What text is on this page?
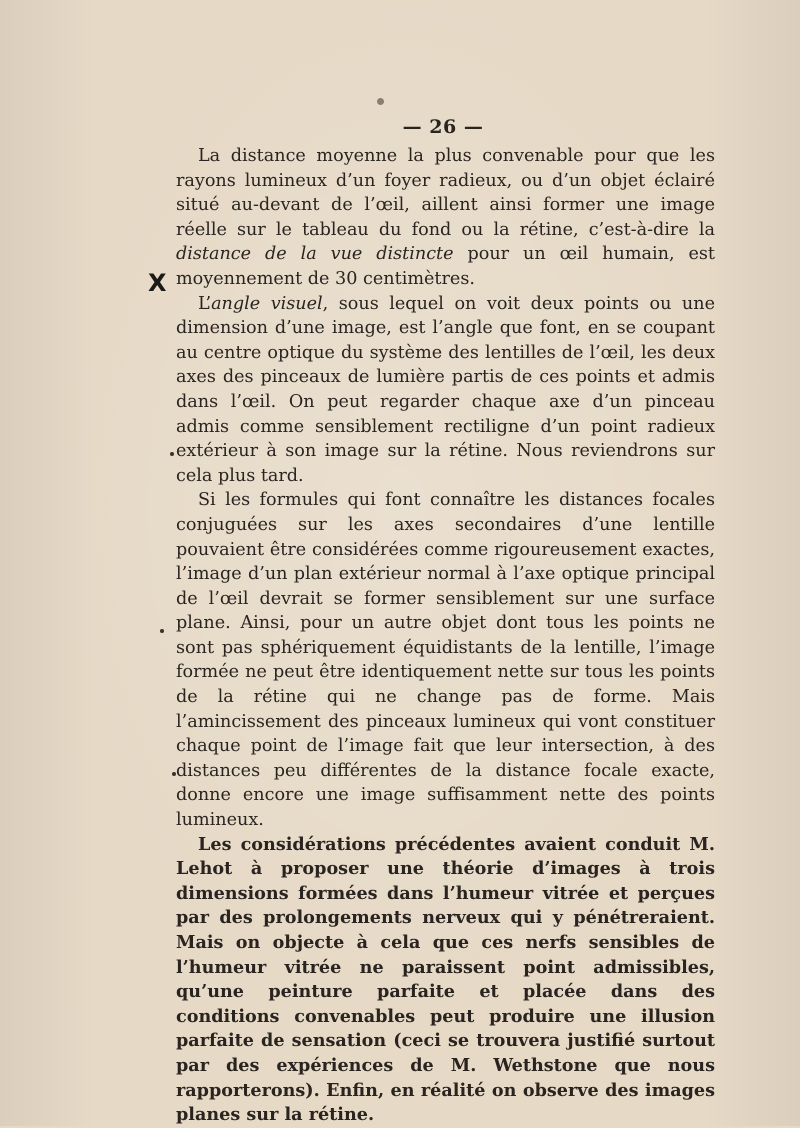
— 26 —
X

La distance moyenne la plus convenable pour que les rayons lumineux d’un foyer radieux, ou d’un objet éclairé situé au-devant de l’œil, aillent ainsi former une image réelle sur le tableau du fond ou la rétine, c’est-à-dire la distance de la vue distincte pour un œil humain, est moyennement de 30 centimètres.

L’angle visuel, sous lequel on voit deux points ou une dimension d’une image, est l’angle que font, en se coupant au centre optique du système des lentilles de l’œil, les deux axes des pinceaux de lumière partis de ces points et admis dans l’œil. On peut regarder chaque axe d’un pinceau admis comme sensiblement rectiligne d’un point radieux extérieur à son image sur la rétine. Nous reviendrons sur cela plus tard.

Si les formules qui font connaître les distances focales conjuguées sur les axes secondaires d’une lentille pouvaient être considérées comme rigoureusement exactes, l’image d’un plan extérieur normal à l’axe optique principal de l’œil devrait se former sensiblement sur une surface plane. Ainsi, pour un autre objet dont tous les points ne sont pas sphériquement équidistants de la lentille, l’image formée ne peut être identiquement nette sur tous les points de la rétine qui ne change pas de forme. Mais l’amincissement des pinceaux lumineux qui vont constituer chaque point de l’image fait que leur intersection, à des distances peu différentes de la distance focale exacte, donne encore une image suffisamment nette des points lumineux.

Les considérations précédentes avaient conduit M. Lehot à proposer une théorie d’images à trois dimensions formées dans l’humeur vitrée et perçues par des prolongements nerveux qui y pénétreraient. Mais on objecte à cela que ces nerfs sensibles de l’humeur vitrée ne paraissent point admissibles, qu’une peinture parfaite et placée dans des conditions convenables peut produire une illusion parfaite de sensation (ceci se trouvera justifié surtout par des expériences de M. Wethstone que nous rapporterons). Enfin, en réalité on observe des images planes sur la rétine.
